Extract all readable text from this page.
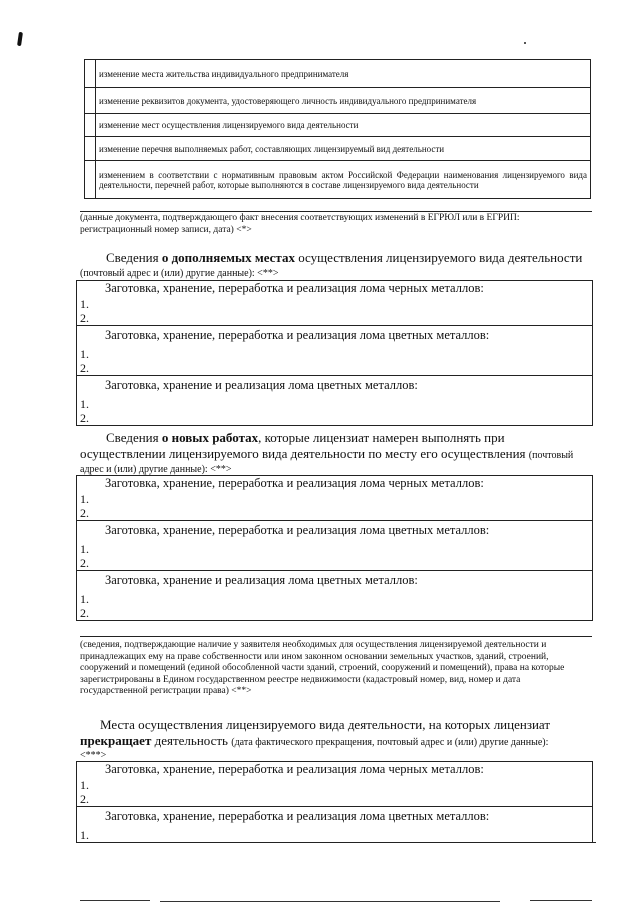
	изменение места жительства индивидуального предпринимателя
	изменение реквизитов документа, удостоверяющего личность индивидуального предпринимателя
	изменение мест осуществления лицензируемого вида деятельности
	изменение перечня выполняемых работ, составляющих лицензируемый вид деятельности
	изменением в соответствии с нормативным правовым актом Российской Федерации наименования лицензируемого вида деятельности, перечней работ, которые выполняются в составе лицензируемого вида деятельности
(данные документа, подтверждающего факт внесения соответствующих изменений в ЕГРЮЛ или в ЕГРИП: регистрационный номер записи, дата) <*>
Сведения о дополняемых местах осуществления лицензируемого вида деятельности
(почтовый адрес и (или) другие данные): <**>
Заготовка, хранение, переработка и реализация лома черных металлов:
1.
2.
Заготовка, хранение, переработка и реализация лома цветных металлов:
1.
2.
Заготовка, хранение и реализация лома цветных металлов:
1.
2.
Сведения о новых работах, которые лицензиат намерен выполнять при
осуществлении лицензируемого вида деятельности по месту его осуществления (почтовый
адрес и (или) другие данные): <**>
Заготовка, хранение, переработка и реализация лома черных металлов:
1.
2.
Заготовка, хранение, переработка и реализация лома цветных металлов:
1.
2.
Заготовка, хранение и реализация лома цветных металлов:
1.
2.
(сведения, подтверждающие наличие у заявителя необходимых для осуществления лицензируемой деятельности и принадлежащих ему на праве собственности или ином законном основании земельных участков, зданий, строений, сооружений и помещений (единой обособленной части зданий, строений, сооружений и помещений), права на которые зарегистрированы в Едином государственном реестре недвижимости (кадастровый номер, вид, номер и дата государственной регистрации права) <**>
Места осуществления лицензируемого вида деятельности, на которых лицензиат
прекращает деятельность (дата фактического прекращения, почтовый адрес и (или) другие данные):
<***>
Заготовка, хранение, переработка и реализация лома черных металлов:
1.
2.
Заготовка, хранение, переработка и реализация лома цветных металлов:
1.
